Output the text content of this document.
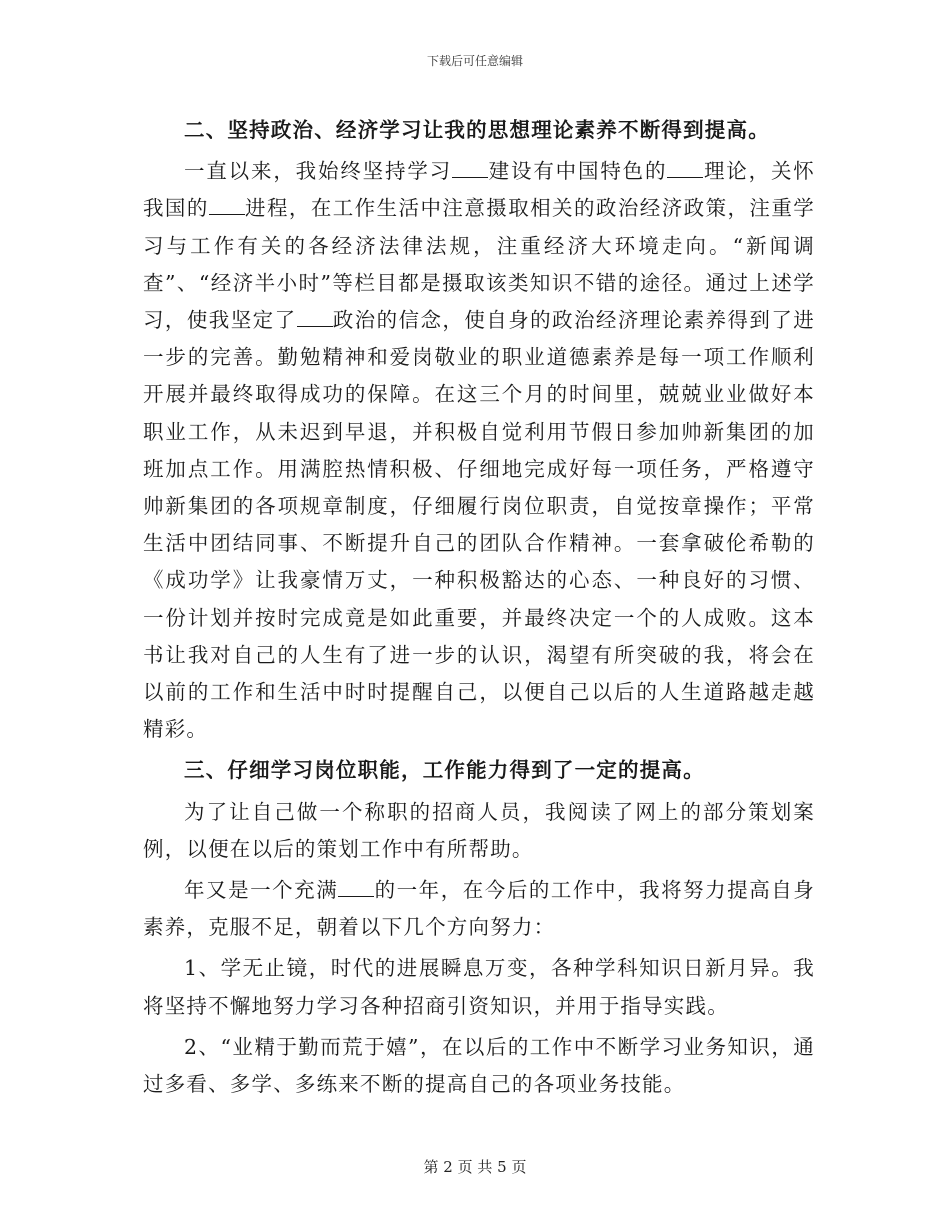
下载后可任意编辑

二、坚持政治、经济学习让我的思想理论素养不断得到提高。

一直以来，我始终坚持学习 建设有中国特色的 理论，关怀我国的 进程，在工作生活中注意摄取相关的政治经济政策，注重学习与工作有关的各经济法律法规，注重经济大环境走向。“新闻调查”、“经济半小时”等栏目都是摄取该类知识不错的途径。通过上述学习，使我坚定了 政治的信念，使自身的政治经济理论素养得到了进一步的完善。勤勉精神和爱岗敬业的职业道德素养是每一项工作顺利开展并最终取得成功的保障。在这三个月的时间里，兢兢业业做好本职业工作，从未迟到早退，并积极自觉利用节假日参加帅新集团的加班加点工作。用满腔热情积极、仔细地完成好每一项任务，严格遵守帅新集团的各项规章制度，仔细履行岗位职责，自觉按章操作；平常生活中团结同事、不断提升自己的团队合作精神。一套拿破伦希勒的《成功学》让我豪情万丈，一种积极豁达的心态、一种良好的习惯、一份计划并按时完成竟是如此重要，并最终决定一个的人成败。这本书让我对自己的人生有了进一步的认识，渴望有所突破的我，将会在以前的工作和生活中时时提醒自己，以便自己以后的人生道路越走越精彩。

三、仔细学习岗位职能，工作能力得到了一定的提高。

为了让自己做一个称职的招商人员，我阅读了网上的部分策划案例，以便在以后的策划工作中有所帮助。

年又是一个充满 的一年，在今后的工作中，我将努力提高自身素养，克服不足，朝着以下几个方向努力：

1、学无止镜，时代的进展瞬息万变，各种学科知识日新月异。我将坚持不懈地努力学习各种招商引资知识，并用于指导实践。

2、“业精于勤而荒于嬉”，在以后的工作中不断学习业务知识，通过多看、多学、多练来不断的提高自己的各项业务技能。

第 2 页 共 5 页
